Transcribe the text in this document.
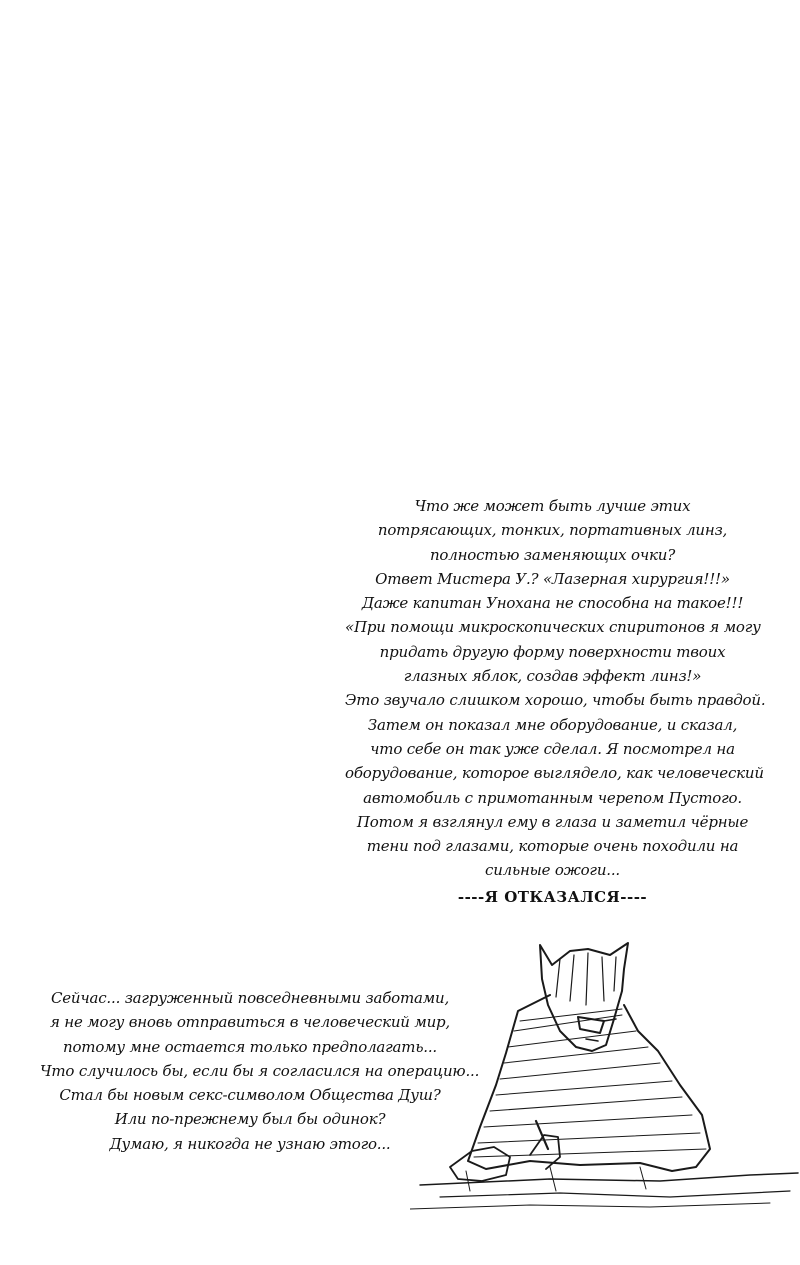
Что же может быть лучше этих
потрясающих, тонких, портативных линз,
полностью заменяющих очки?
Ответ Мистера У.? «Лазерная хирургия!!!»
Даже капитан Унохана не способна на такое!!!
«При помощи микроскопических спиритонов я могу
придать другую форму поверхности твоих
глазных яблок, создав эффект линз!»
Это звучало слишком хорошо, чтобы быть правдой.
Затем он показал мне оборудование, и сказал,
что себе он так уже сделал. Я посмотрел на
оборудование, которое выглядело, как человеческий
автомобиль с примотанным черепом Пустого.
Потом я взглянул ему в глаза и заметил чёрные
тени под глазами, которые очень походили на
сильные ожоги...
----Я ОТКАЗАЛСЯ----
Сейчас... загруженный повседневными заботами,
я не могу вновь отправиться в человеческий мир,
потому мне остается только предполагать...
Что случилось бы, если бы я согласился на операцию...
Стал бы новым секс-символом Общества Душ?
Или по-прежнему был бы одинок?
Думаю, я никогда не узнаю этого...
